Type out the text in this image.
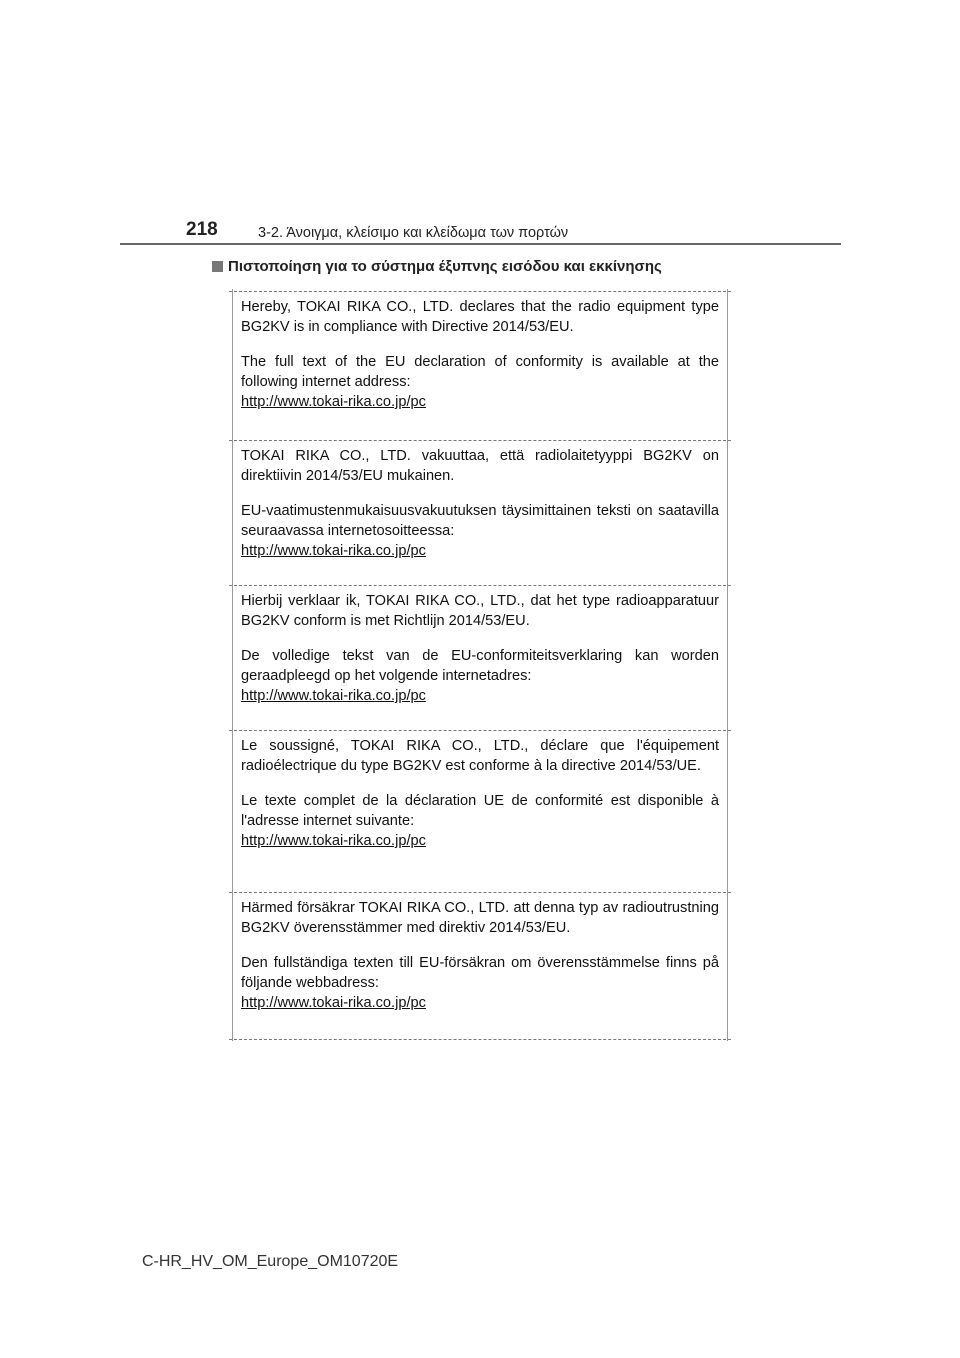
218	3-2. Άνοιγμα, κλείσιμο και κλείδωμα των πορτών
Πιστοποίηση για το σύστημα έξυπνης εισόδου και εκκίνησης

Hereby, TOKAI RIKA CO., LTD. declares that the radio equipment type BG2KV is in compliance with Directive 2014/53/EU.

The full text of the EU declaration of conformity is available at the following internet address:

http://www.tokai-rika.co.jp/pc

TOKAI RIKA CO., LTD. vakuuttaa, että radiolaitetyyppi BG2KV on direktiivin 2014/53/EU mukainen.

EU-vaatimustenmukaisuusvakuutuksen täysimittainen teksti on saatavilla seuraavassa internetosoitteessa:

http://www.tokai-rika.co.jp/pc

Hierbij verklaar ik, TOKAI RIKA CO., LTD., dat het type radioapparatuur BG2KV conform is met Richtlijn 2014/53/EU.

De volledige tekst van de EU-conformiteitsverklaring kan worden geraadpleegd op het volgende internetadres:

http://www.tokai-rika.co.jp/pc

Le soussigné, TOKAI RIKA CO., LTD., déclare que l'équipement radioélectrique du type BG2KV est conforme à la directive 2014/53/UE.

Le texte complet de la déclaration UE de conformité est disponible à l'adresse internet suivante:

http://www.tokai-rika.co.jp/pc

Härmed försäkrar TOKAI RIKA CO., LTD. att denna typ av radioutrustning BG2KV överensstämmer med direktiv 2014/53/EU.

Den fullständiga texten till EU-försäkran om överensstämmelse finns på följande webbadress:

http://www.tokai-rika.co.jp/pc
C-HR_HV_OM_Europe_OM10720E
